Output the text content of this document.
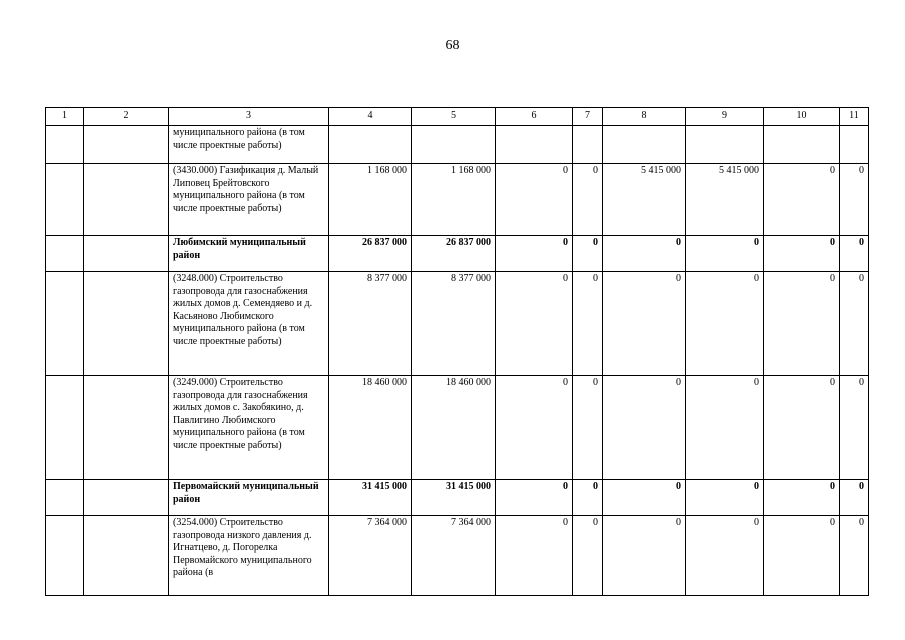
68
1	2	3	4	5	6	7	8	9	10	11
		муниципального района (в том числе проектные работы)								
		(3430.000) Газификация д. Малый Липовец Брейтовского муниципального района (в том числе проектные работы)	1 168 000	1 168 000	0	0	5 415 000	5 415 000	0	0
		Любимский муниципальный район	26 837 000	26 837 000	0	0	0	0	0	0
		(3248.000) Строительство газопровода для газоснабжения жилых домов д. Семендяево и д. Касьяново Любимского муниципального района (в том числе проектные работы)	8 377 000	8 377 000	0	0	0	0	0	0
		(3249.000) Строительство газопровода для газоснабжения жилых домов с. Закобякино, д. Павлигино Любимского муниципального района (в том числе проектные работы)	18 460 000	18 460 000	0	0	0	0	0	0
		Первомайский муниципальный район	31 415 000	31 415 000	0	0	0	0	0	0
		(3254.000) Строительство газопровода низкого давления д. Игнатцево, д. Погорелка Первомайского муниципального района (в	7 364 000	7 364 000	0	0	0	0	0	0
